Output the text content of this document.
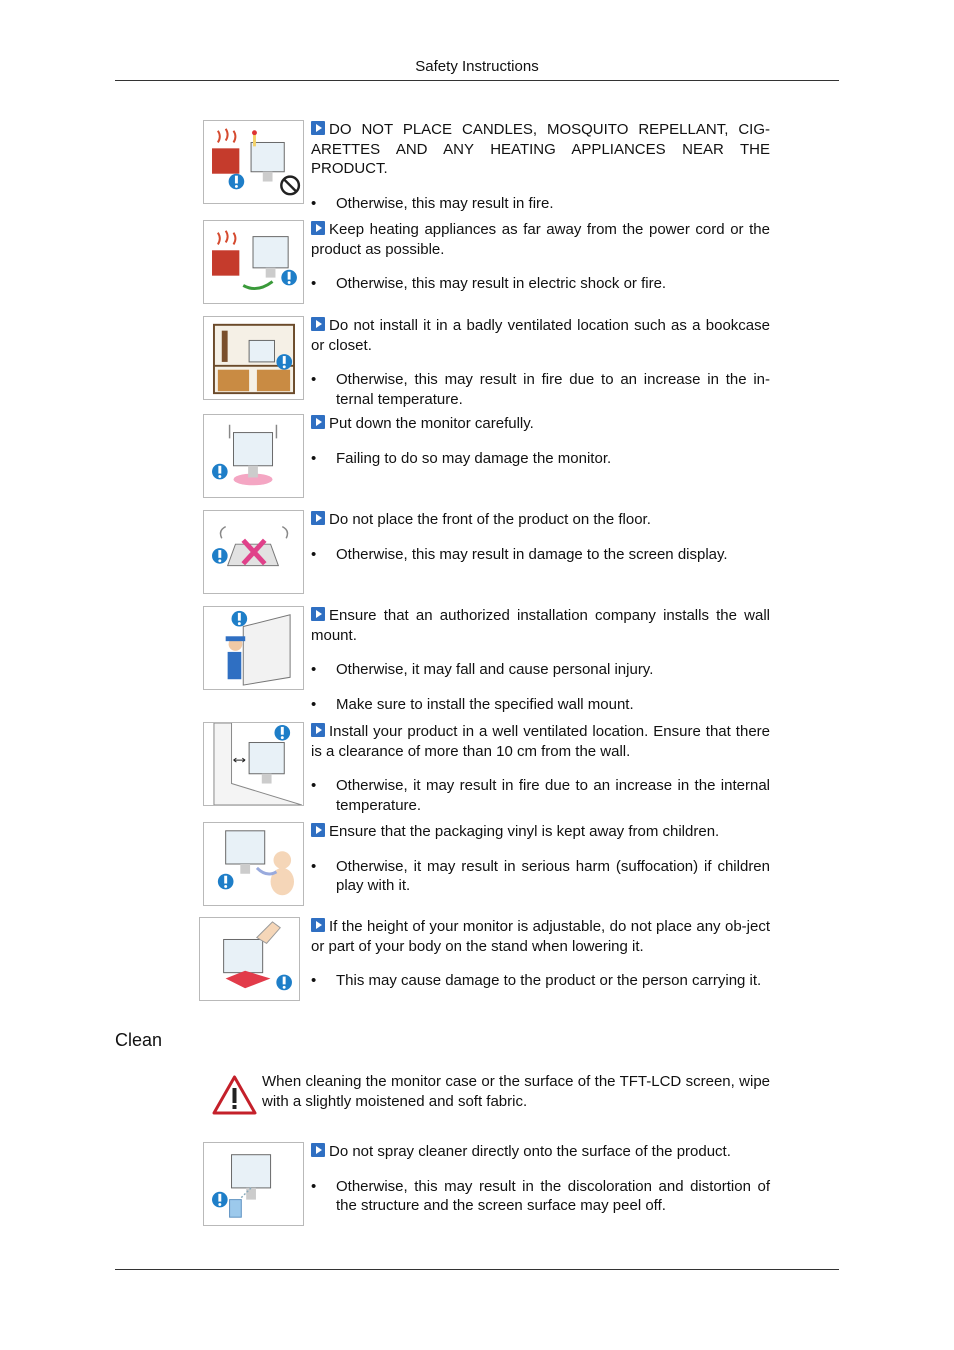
Safety Instructions

DO NOT PLACE CANDLES, MOSQUITO REPELLANT, CIG-ARETTES AND ANY HEATING APPLIANCES NEAR THE PRODUCT.

• Otherwise, this may result in fire.

Keep heating appliances as far away from the power cord or the product as possible.

• Otherwise, this may result in electric shock or fire.

Do not install it in a badly ventilated location such as a bookcase or closet.

• Otherwise, this may result in fire due to an increase in the in-ternal temperature.

Put down the monitor carefully.

• Failing to do so may damage the monitor.

Do not place the front of the product on the floor.

• Otherwise, this may result in damage to the screen display.

Ensure that an authorized installation company installs the wall mount.

• Otherwise, it may fall and cause personal injury.

• Make sure to install the specified wall mount.

Install your product in a well ventilated location. Ensure that there is a clearance of more than 10 cm from the wall.

• Otherwise, it may result in fire due to an increase in the internal temperature.

Ensure that the packaging vinyl is kept away from children.

• Otherwise, it may result in serious harm (suffocation) if children play with it.

If the height of your monitor is adjustable, do not place any ob-ject or part of your body on the stand when lowering it.

• This may cause damage to the product or the person carrying it.

Clean

When cleaning the monitor case or the surface of the TFT-LCD screen, wipe with a slightly moistened and soft fabric.

Do not spray cleaner directly onto the surface of the product.

• Otherwise, this may result in the discoloration and distortion of the structure and the screen surface may peel off.
